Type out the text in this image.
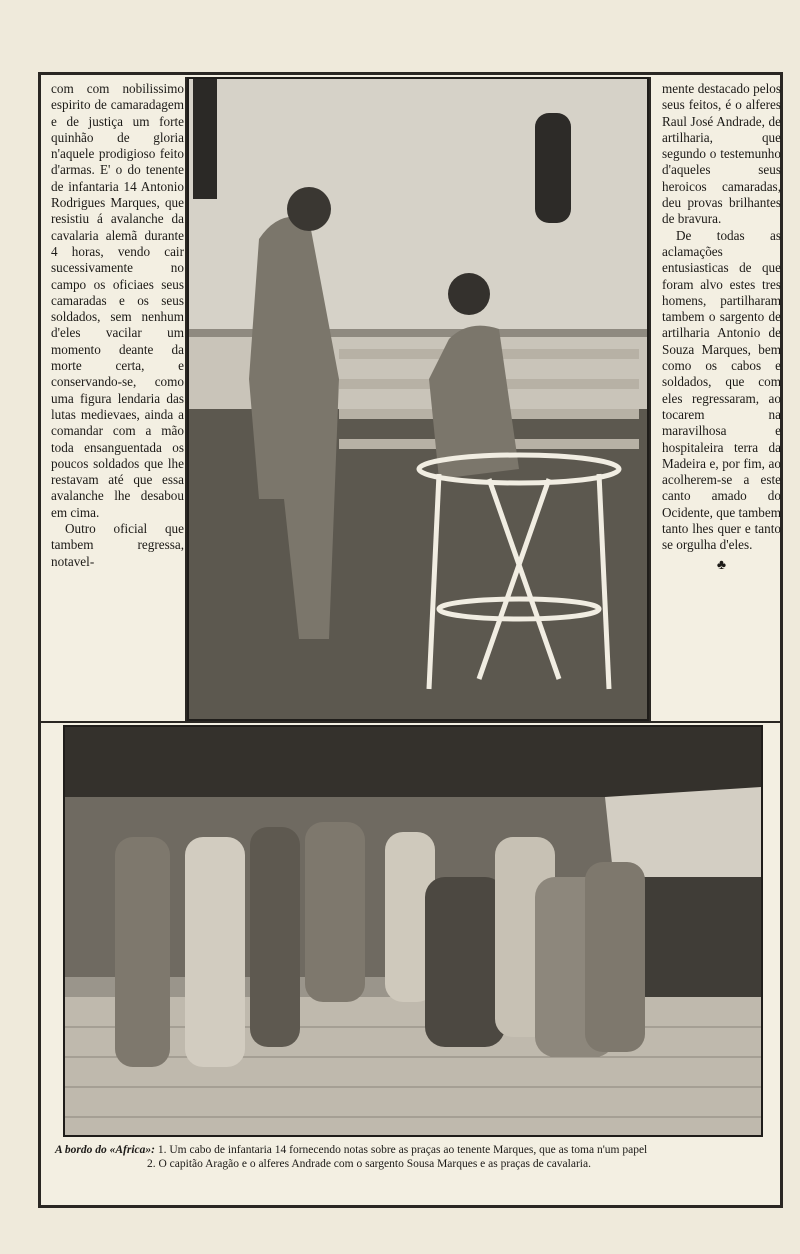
com com nobilissimo espirito de camaradagem e de justiça um forte quinhão de gloria n'aquele prodigioso feito d'armas. E' o do tenente de infantaria 14 Antonio Rodrigues Marques, que resistiu á avalanche da cavalaria alemã durante 4 horas, vendo cair sucessivamente no campo os oficiaes seus camaradas e os seus soldados, sem nenhum d'eles vacilar um momento deante da morte certa, e conservando-se, como uma figura lendaria das lutas medievaes, ainda a comandar com a mão toda ensanguentada os poucos soldados que lhe restavam até que essa avalanche lhe desabou em cima.

Outro oficial que tambem regressa, notavel-

mente destacado pelos seus feitos, é o alferes Raul José Andrade, de artilharia, que segundo o testemunho d'aqueles seus heroicos camaradas, deu provas brilhantes de bravura.

De todas as aclamações entusiasticas de que foram alvo estes tres homens, partilharam tambem o sargento de artilharia Antonio de Souza Marques, bem como os cabos e soldados, que com eles regressaram, ao tocarem na maravilhosa e hospitaleira terra da Madeira e, por fim, ao acolherem-se a este canto amado do Ocidente, que tambem tanto lhes quer e tanto se orgulha d'eles.

♣
A bordo do «Africa»: 1. Um cabo de infantaria 14 fornecendo notas sobre as praças ao tenente Marques, que as toma n'um papel
2. O capitão Aragão e o alferes Andrade com o sargento Sousa Marques e as praças de cavalaria.
